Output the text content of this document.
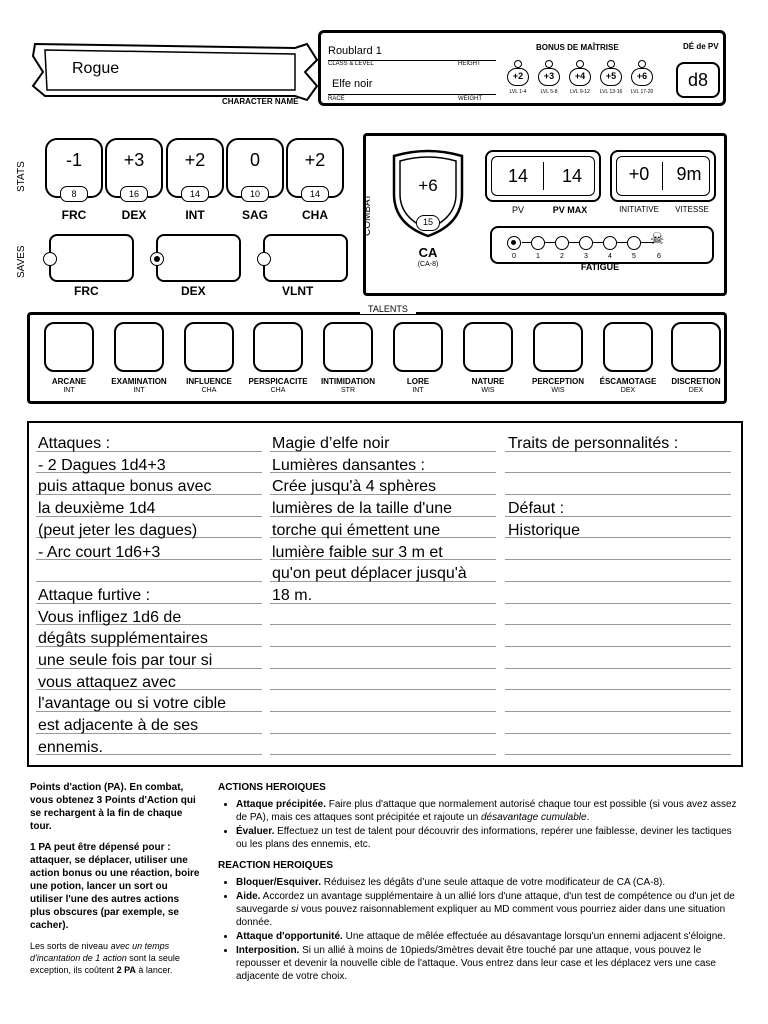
Rogue
CHARACTER NAME
Roublard 1
CLASS & LEVEL	HEIGHT
Elfe noir
RACE	WEIGHT
BONUS DE MAÎTRISE
+2	+3	+4	+5	+6
LVL 1-4	LVL 5-8	LVL 9-12	LVL 13-16	LVL 17-20
DÉ de PV
d8
STATS
-1
8
FRC
+3
16
DEX
+2
14
INT
0
10
SAG
+2
14
CHA
SAVES
FRC	DEX	VLNT
COMBAT
+6
15
CA
(CA-8)
14	14
PV	PV MAX
+0	9m
INITIATIVE	VITESSE
☠
0	1	2	3	4	5	6
FATIGUE
TALENTS
ARCANE
INT
EXAMINATION
INT
INFLUENCE
CHA
PERSPICACITE
CHA
INTIMIDATION
STR
LORE
INT
NATURE
WIS
PERCEPTION
WIS
ÉSCAMOTAGE
DEX
DISCRETION
DEX
Attaques :
- 2 Dagues 1d4+3
puis attaque bonus avec
la deuxième 1d4
(peut jeter les dagues)
- Arc court 1d6+3

Attaque furtive :
Vous infligez 1d6 de
dégâts supplémentaires
une seule fois par tour si
vous attaquez avec
l'avantage ou si votre cible
est adjacente à de ses
ennemis.
Magie d’elfe noir
Lumières dansantes :
Crée jusqu'à 4 sphères
lumières de la taille d'une
torche qui émettent une
lumière faible sur 3 m et
qu'on peut déplacer jusqu'à
18 m.
Traits de personnalités :

Défaut :
Historique
Points d'action (PA). En combat, vous obtenez 3 Points d'Action qui se rechargent à la fin de chaque tour.
1 PA peut être dépensé pour : attaquer, se déplacer, utiliser une action bonus ou une réaction, boire une potion, lancer un sort ou utiliser l'une des autres actions plus obscures (par exemple, se cacher).
Les sorts de niveau avec un temps d'incantation de 1 action sont la seule exception, ils coûtent 2 PA à lancer.
ACTIONS HEROIQUES
• Attaque précipitée. Faire plus d'attaque que normalement autorisé chaque tour est possible (si vous avez assez de PA), mais ces attaques sont précipitée et rajoute un désavantage cumulable.
• Évaluer. Effectuez un test de talent pour découvrir des informations, repérer une faiblesse, deviner les tactiques ou les plans des ennemis, etc.
REACTION HEROIQUES
• Bloquer/Esquiver. Réduisez les dégâts d’une seule attaque de votre modificateur de CA (CA-8).
• Aide. Accordez un avantage supplémentaire à un allié lors d'une attaque, d'un test de compétence ou d'un jet de sauvegarde si vous pouvez raisonnablement expliquer au MD comment vous pourriez aider dans une situation donnée.
• Attaque d'opportunité. Une attaque de mêlée effectuée au désavantage lorsqu'un ennemi adjacent s'éloigne.
• Interposition. Si un allié à moins de 10pieds/3mètres devait être touché par une attaque, vous pouvez le repousser et devenir la nouvelle cible de l'attaque. Vous entrez dans leur case et les déplacez vers une case adjacente de votre choix.
